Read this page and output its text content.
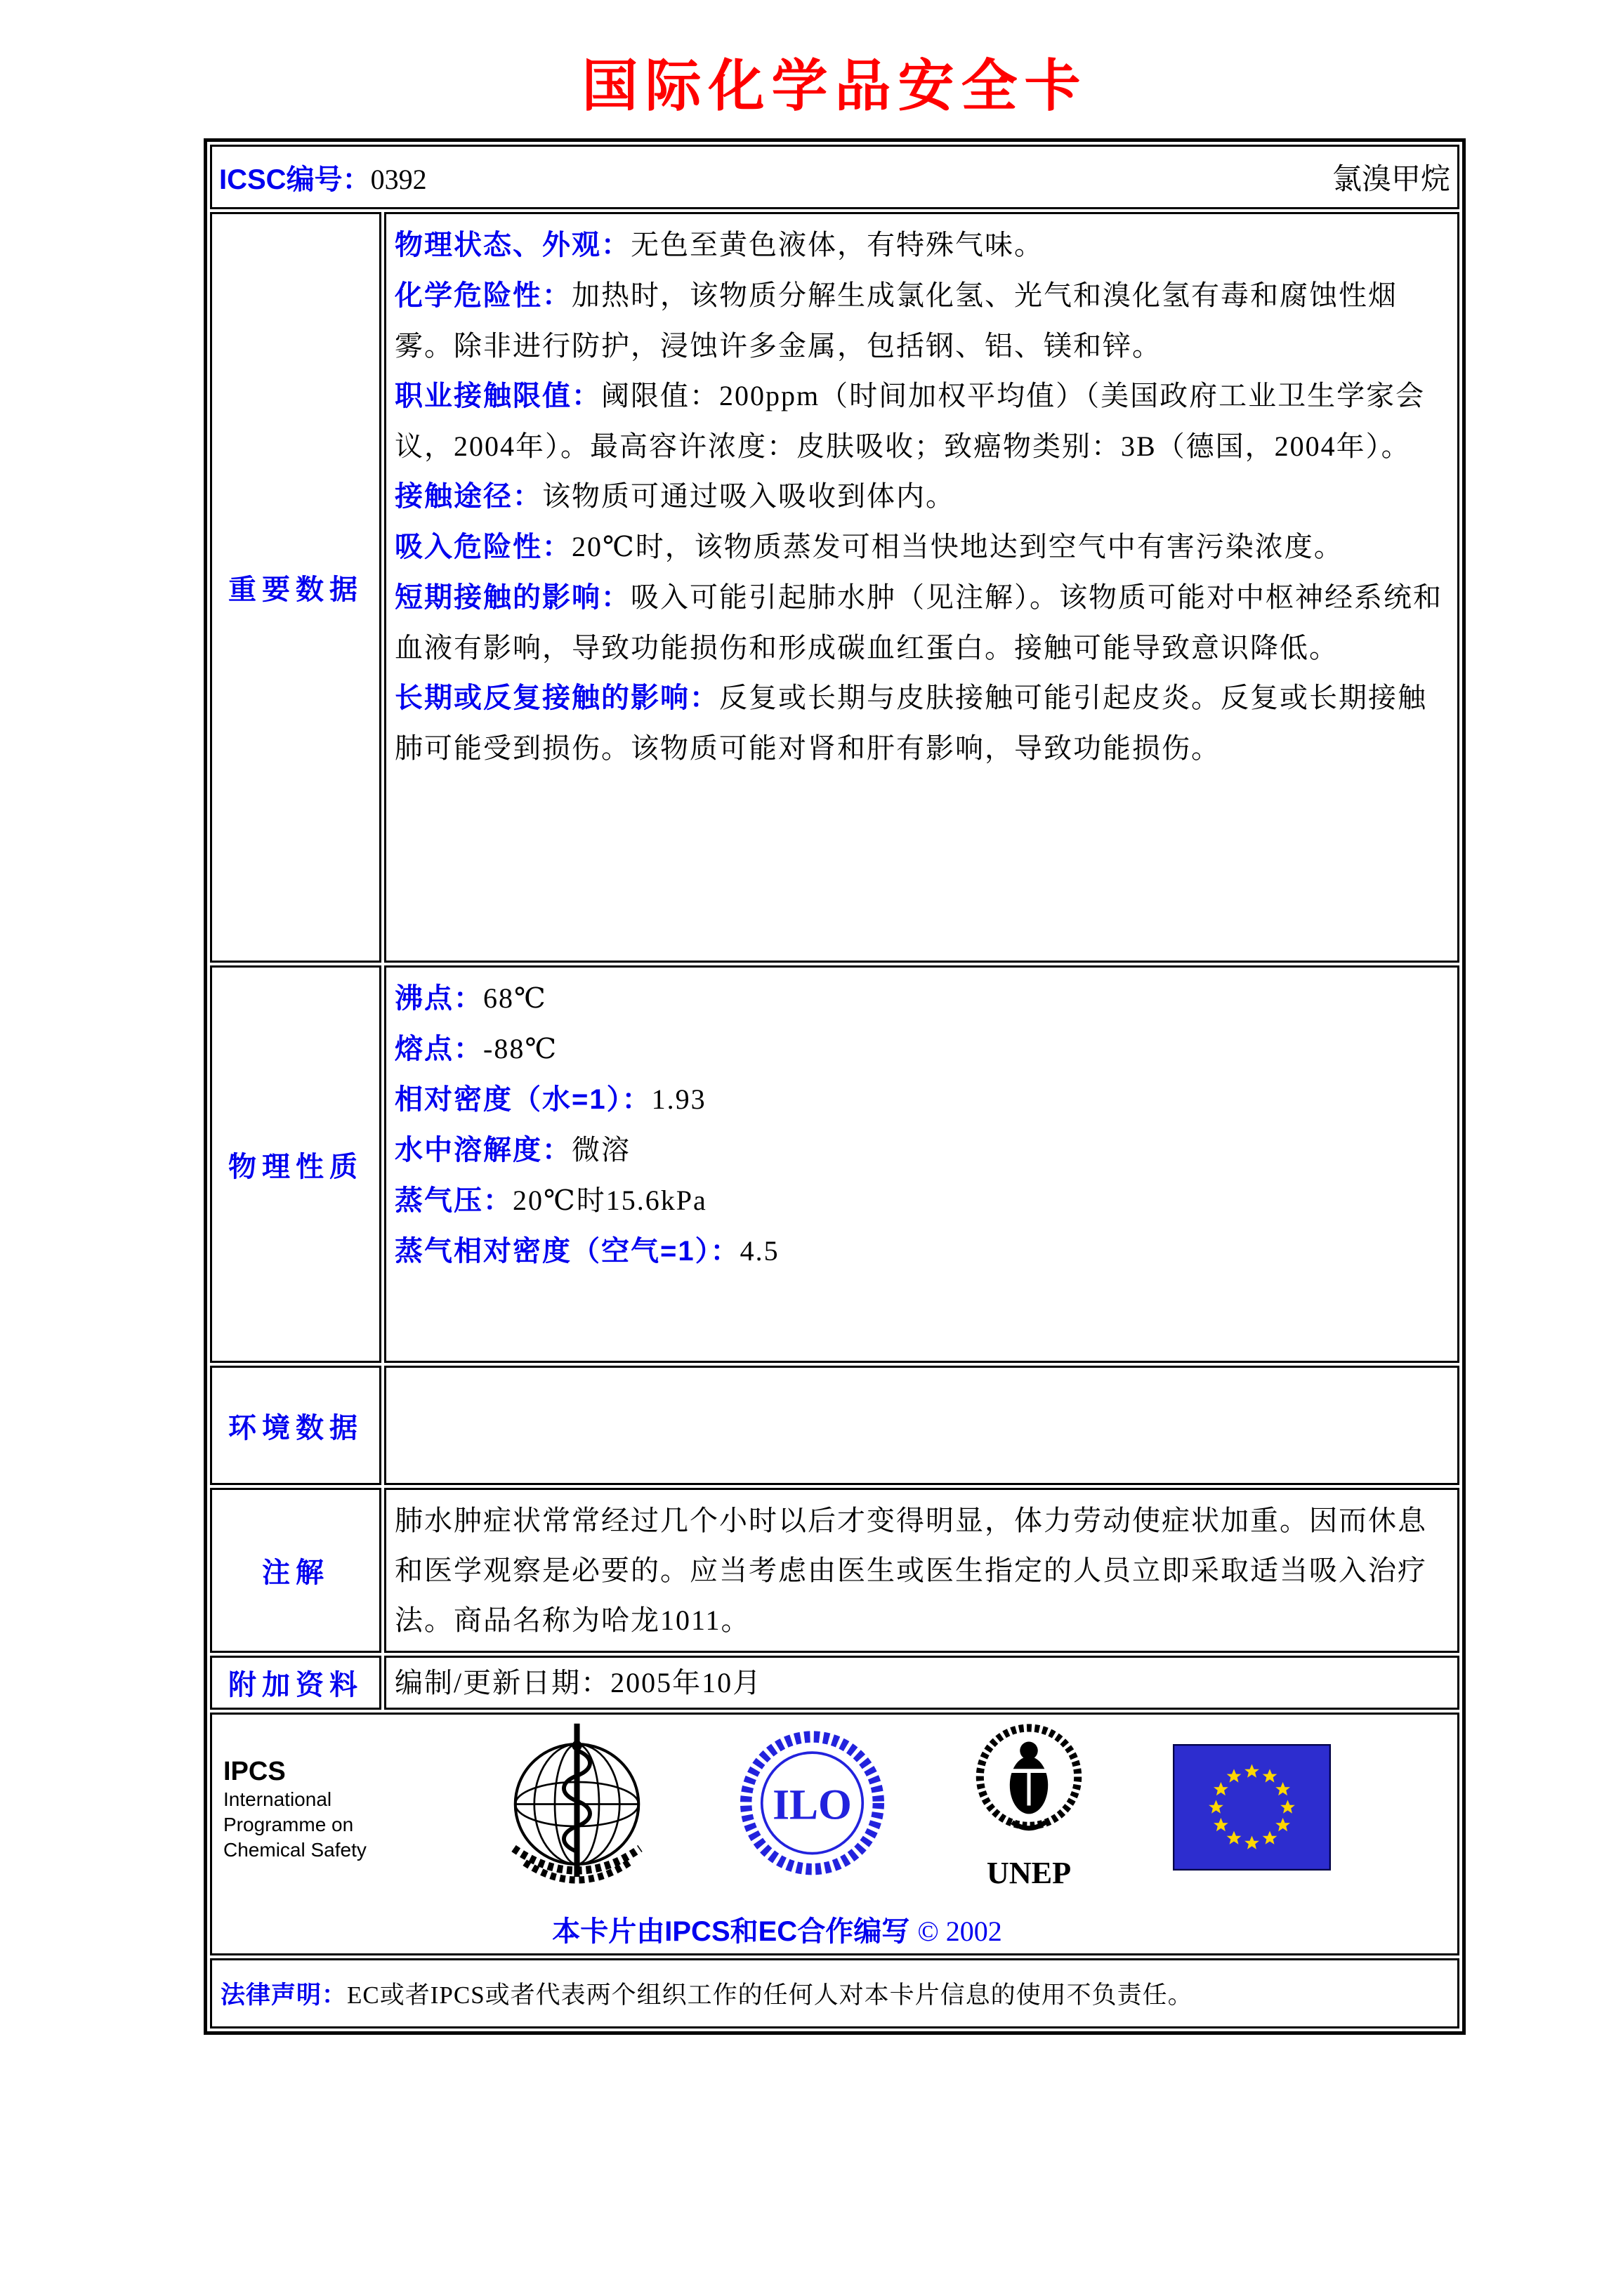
国际化学品安全卡
ICSC编号：0392	氯溴甲烷
重要数据

物理状态、外观：无色至黄色液体，有特殊气味。

化学危险性：加热时，该物质分解生成氯化氢、光气和溴化氢有毒和腐蚀性烟雾。除非进行防护，浸蚀许多金属，包括钢、铝、镁和锌。

职业接触限值：阈限值：200ppm（时间加权平均值）（美国政府工业卫生学家会议，2004年）。最高容许浓度：皮肤吸收；致癌物类别：3B（德国，2004年）。

接触途径：该物质可通过吸入吸收到体内。

吸入危险性：20℃时，该物质蒸发可相当快地达到空气中有害污染浓度。

短期接触的影响：吸入可能引起肺水肿（见注解）。该物质可能对中枢神经系统和血液有影响，导致功能损伤和形成碳血红蛋白。接触可能导致意识降低。

长期或反复接触的影响：反复或长期与皮肤接触可能引起皮炎。反复或长期接触肺可能受到损伤。该物质可能对肾和肝有影响，导致功能损伤。

物理性质

沸点：68℃

熔点：-88℃

相对密度（水=1）：1.93

水中溶解度：微溶

蒸气压：20℃时15.6kPa

蒸气相对密度（空气=1）：4.5

环境数据
注解

肺水肿症状常常经过几个小时以后才变得明显，体力劳动使症状加重。因而休息和医学观察是必要的。应当考虑由医生或医生指定的人员立即采取适当吸入治疗法。商品名称为哈龙1011。

附加资料	编制/更新日期：2005年10月
IPCS
International
Programme on
Chemical Safety
ILO
UNEP
本卡片由IPCS和EC合作编写 © 2002
法律声明：EC或者IPCS或者代表两个组织工作的任何人对本卡片信息的使用不负责任。
